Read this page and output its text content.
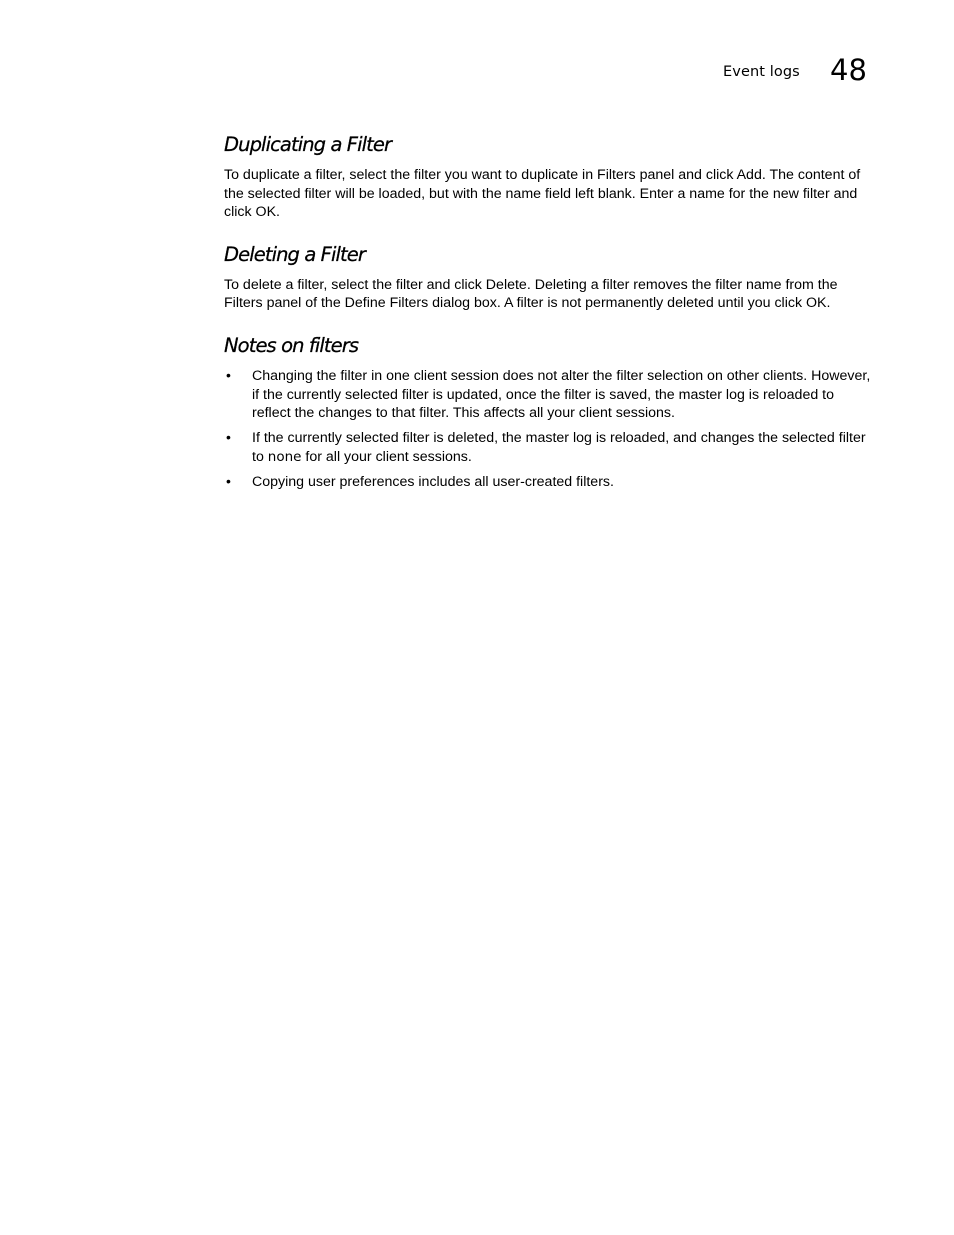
Event logs 48
Duplicating a Filter

To duplicate a filter, select the filter you want to duplicate in Filters panel and click Add. The content of the selected filter will be loaded, but with the name field left blank. Enter a name for the new filter and click OK.

Deleting a Filter

To delete a filter, select the filter and click Delete. Deleting a filter removes the filter name from the Filters panel of the Define Filters dialog box. A filter is not permanently deleted until you click OK.

Notes on filters
• Changing the filter in one client session does not alter the filter selection on other clients. However, if the currently selected filter is updated, once the filter is saved, the master log is reloaded to reflect the changes to that filter. This affects all your client sessions.
• If the currently selected filter is deleted, the master log is reloaded, and changes the selected filter to none for all your client sessions.
• Copying user preferences includes all user-created filters.
